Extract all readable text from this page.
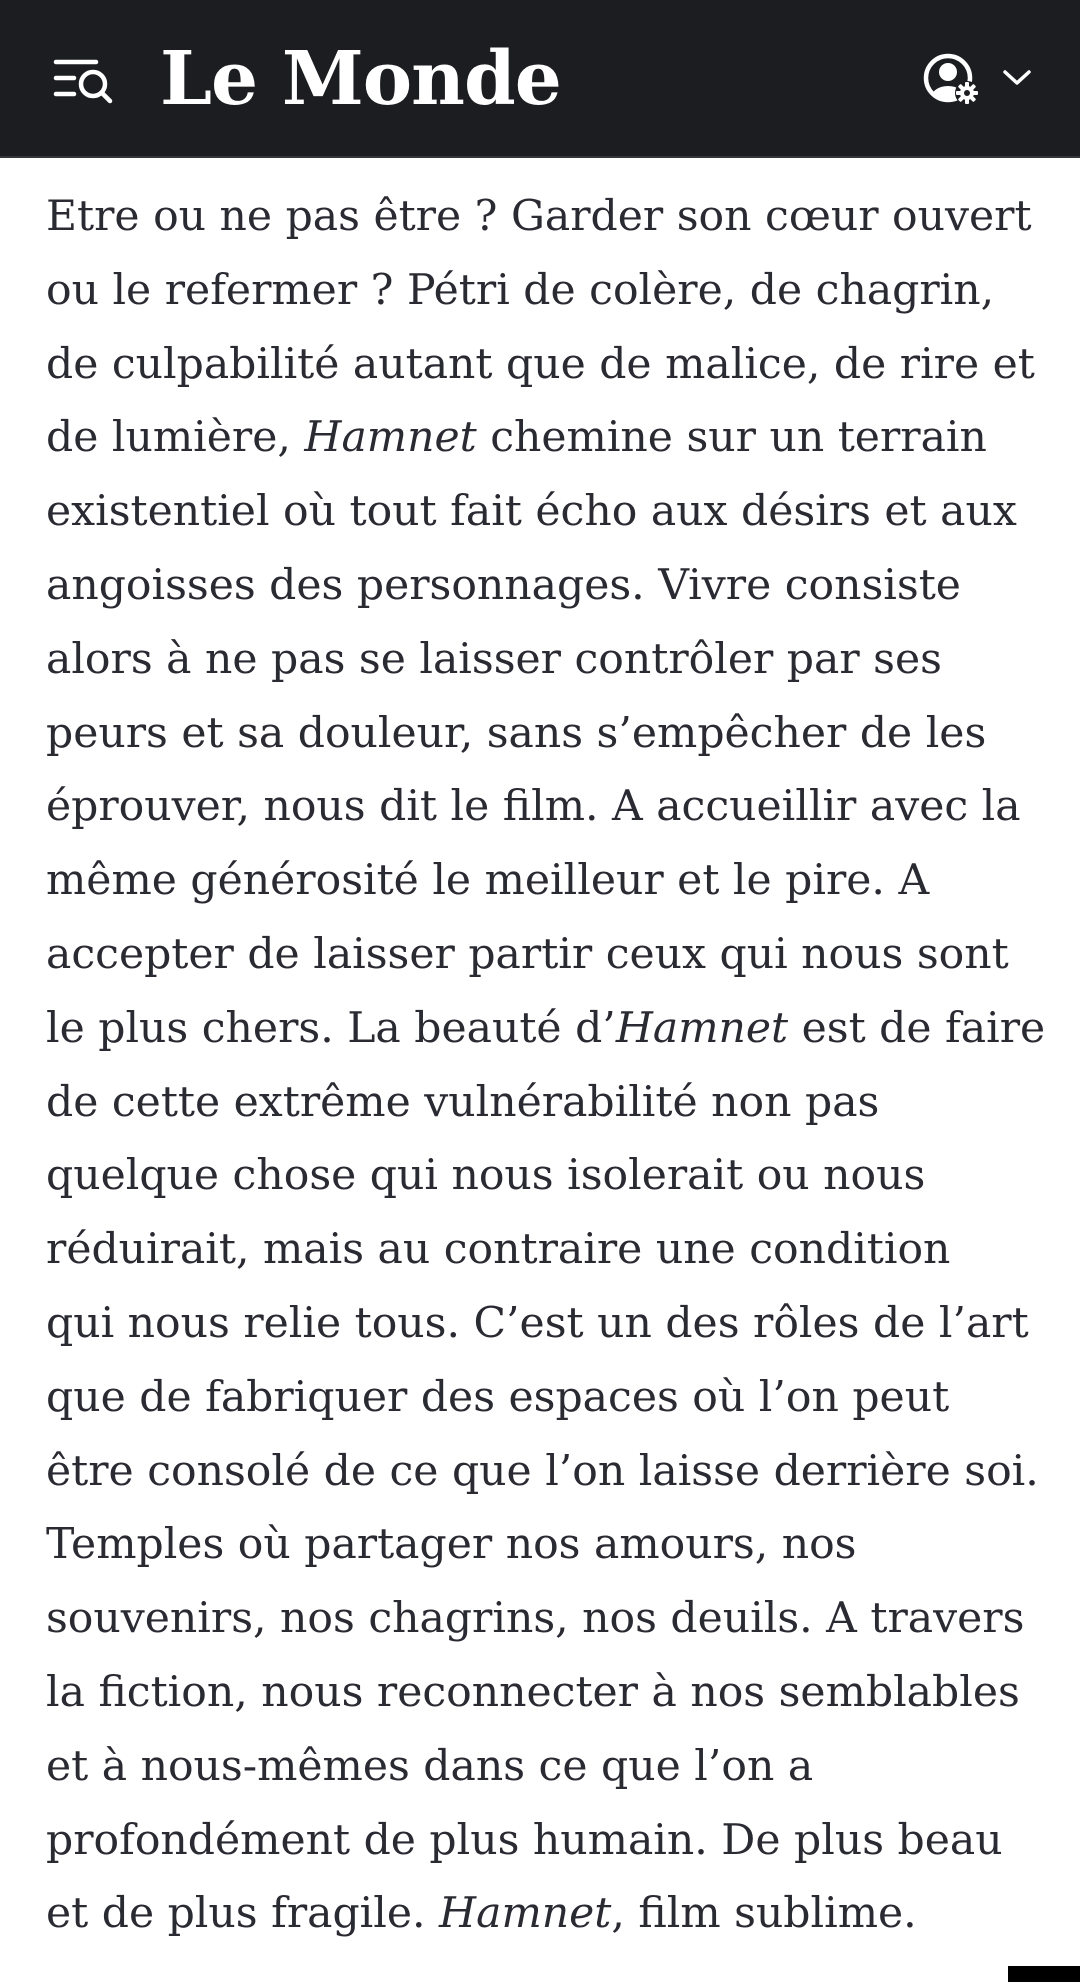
Le Monde

Etre ou ne pas être ? Garder son cœur ouvert
ou le refermer ? Pétri de colère, de chagrin,
de culpabilité autant que de malice, de rire et
de lumière, Hamnet chemine sur un terrain
existentiel où tout fait écho aux désirs et aux
angoisses des personnages. Vivre consiste
alors à ne pas se laisser contrôler par ses
peurs et sa douleur, sans s’empêcher de les
éprouver, nous dit le film. A accueillir avec la
même générosité le meilleur et le pire. A
accepter de laisser partir ceux qui nous sont
le plus chers. La beauté d’Hamnet est de faire
de cette extrême vulnérabilité non pas
quelque chose qui nous isolerait ou nous
réduirait, mais au contraire une condition
qui nous relie tous. C’est un des rôles de l’art
que de fabriquer des espaces où l’on peut
être consolé de ce que l’on laisse derrière soi.
Temples où partager nos amours, nos
souvenirs, nos chagrins, nos deuils. A travers
la fiction, nous reconnecter à nos semblables
et à nous-mêmes dans ce que l’on a
profondément de plus humain. De plus beau
et de plus fragile. Hamnet, film sublime.
